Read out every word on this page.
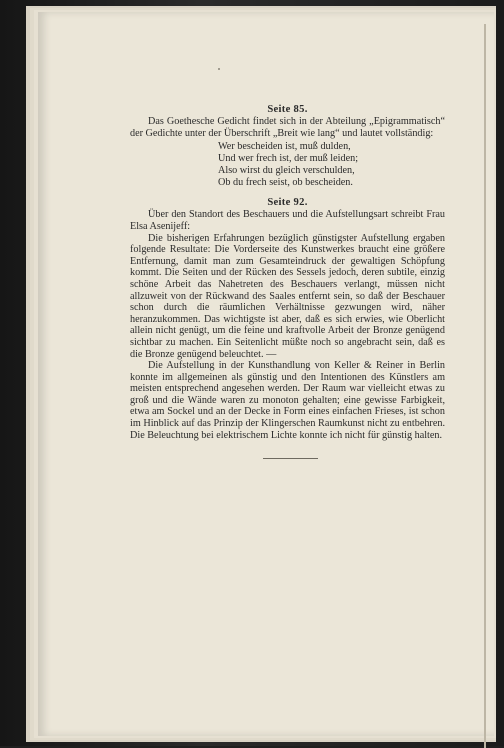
Seite 85.

Das Goethesche Gedicht findet sich in der Abteilung „Epigrammatisch“ der Gedichte unter der Überschrift „Breit wie lang“ und lautet vollständig:

Wer bescheiden ist, muß dulden,
Und wer frech ist, der muß leiden;
Also wirst du gleich verschulden,
Ob du frech seist, ob bescheiden.
Seite 92.

Über den Standort des Beschauers und die Aufstellungsart schreibt Frau Elsa Asenijeff:

Die bisherigen Erfahrungen bezüglich günstigster Aufstellung ergaben folgende Resultate: Die Vorderseite des Kunstwerkes braucht eine größere Entfernung, damit man zum Gesamteindruck der gewaltigen Schöpfung kommt. Die Seiten und der Rücken des Sessels jedoch, deren subtile, einzig schöne Arbeit das Nahetreten des Beschauers verlangt, müssen nicht allzuweit von der Rückwand des Saales entfernt sein, so daß der Beschauer schon durch die räumlichen Verhältnisse gezwungen wird, näher heranzukommen. Das wichtigste ist aber, daß es sich erwies, wie Oberlicht allein nicht genügt, um die feine und kraftvolle Arbeit der Bronze genügend sichtbar zu machen. Ein Seitenlicht müßte noch so angebracht sein, daß es die Bronze genügend beleuchtet. —

Die Aufstellung in der Kunsthandlung von Keller & Reiner in Berlin konnte im allgemeinen als günstig und den Intentionen des Künstlers am meisten entsprechend angesehen werden. Der Raum war vielleicht etwas zu groß und die Wände waren zu monoton gehalten; eine gewisse Farbigkeit, etwa am Sockel und an der Decke in Form eines einfachen Frieses, ist schon im Hinblick auf das Prinzip der Klingerschen Raumkunst nicht zu entbehren. Die Beleuchtung bei elektrischem Lichte konnte ich nicht für günstig halten.
